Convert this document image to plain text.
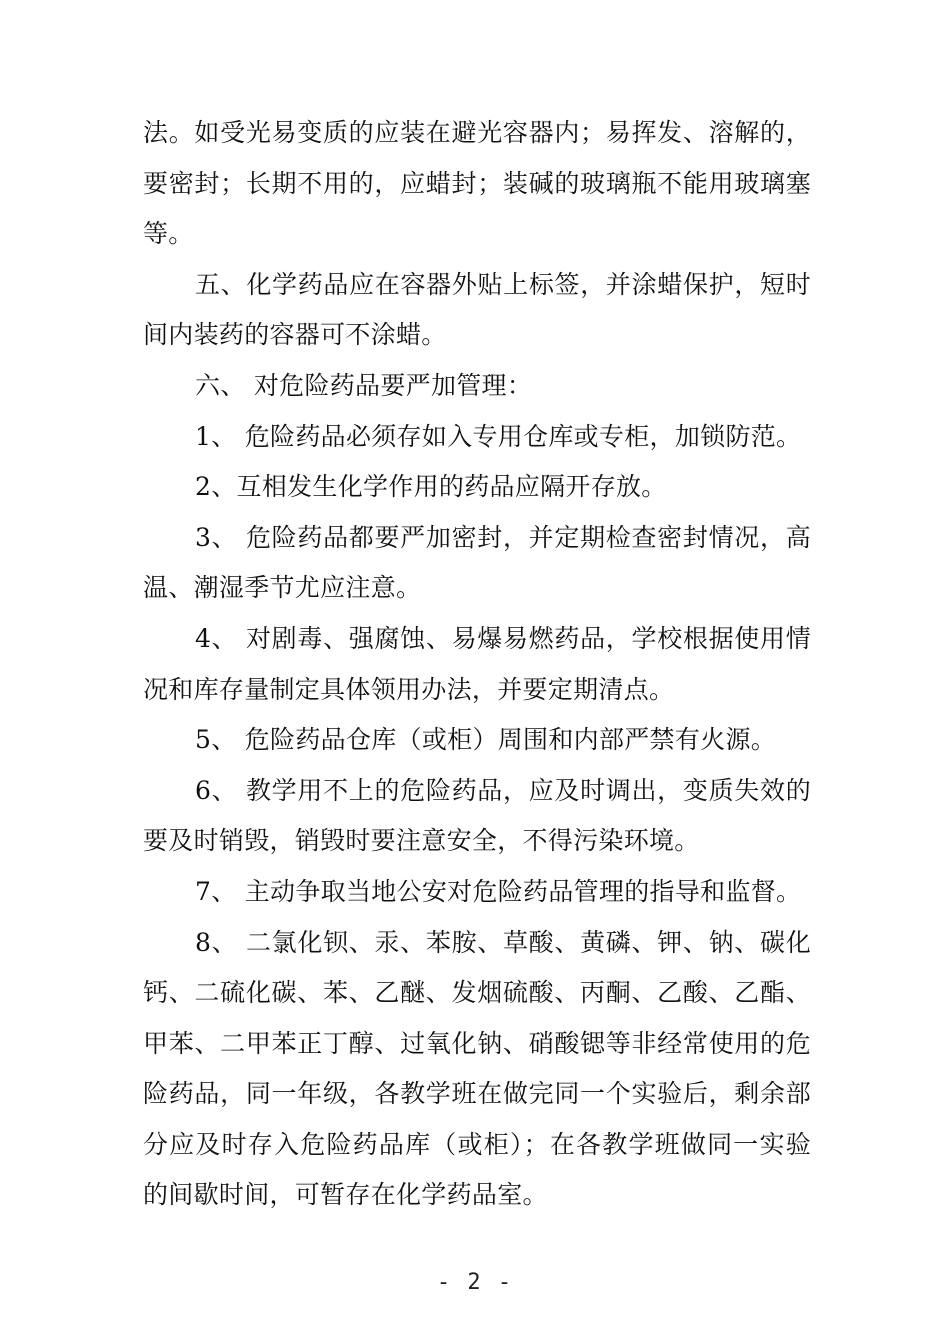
法。如受光易变质的应装在避光容器内；易挥发、溶解的，要密封；长期不用的，应蜡封；装碱的玻璃瓶不能用玻璃塞等。

五、化学药品应在容器外贴上标签，并涂蜡保护，短时间内装药的容器可不涂蜡。

六、 对危险药品要严加管理：

1、 危险药品必须存如入专用仓库或专柜，加锁防范。

2、互相发生化学作用的药品应隔开存放。

3、 危险药品都要严加密封，并定期检查密封情况，高温、潮湿季节尤应注意。

4、 对剧毒、强腐蚀、易爆易燃药品，学校根据使用情况和库存量制定具体领用办法，并要定期清点。

5、 危险药品仓库（或柜）周围和内部严禁有火源。

6、 教学用不上的危险药品，应及时调出，变质失效的要及时销毁，销毁时要注意安全，不得污染环境。

7、 主动争取当地公安对危险药品管理的指导和监督。

8、 二氯化钡、汞、苯胺、草酸、黄磷、钾、钠、碳化钙、二硫化碳、苯、乙醚、发烟硫酸、丙酮、乙酸、乙酯、甲苯、二甲苯正丁醇、过氧化钠、硝酸锶等非经常使用的危险药品，同一年级，各教学班在做完同一个实验后，剩余部分应及时存入危险药品库（或柜）；在各教学班做同一实验的间歇时间，可暂存在化学药品室。

- 2 -
